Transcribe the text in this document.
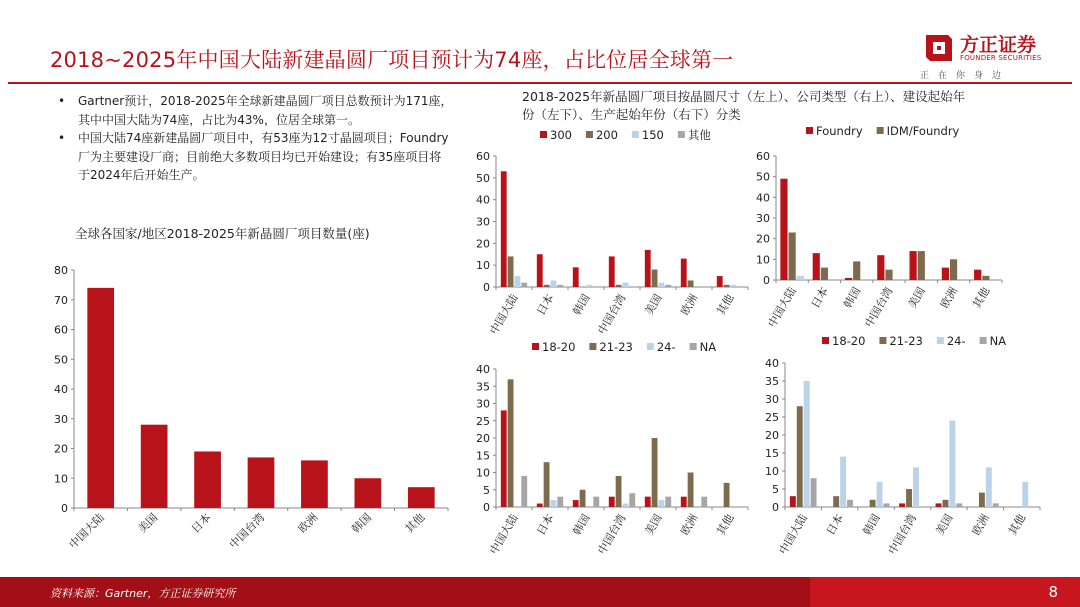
2018~2025年中国大陆新建晶圆厂项目预计为74座，占比位居全球第一
方正证券
FOUNDER SECURITIES
正在你身边
• Gartner预计，2018-2025年全球新建晶圆厂项目总数预计为171座，其中中国大陆为74座，占比为43%，位居全球第一。
• 中国大陆74座新建晶圆厂项目中，有53座为12寸晶圆项目；Foundry厂为主要建设厂商；目前绝大多数项目均已开始建设；有35座项目将于2024年后开始生产。
全球各国家/地区2018-2025年新晶圆厂项目数量(座)
2018-2025年新晶圆厂项目按晶圆尺寸（左上）、公司类型（右上）、建设起始年份（左下）、生产起始年份（右下）分类
0
10
20
30
40
50
60
70
80
中国大陆	美国	日本 中国台湾	欧洲	韩国	其他
0
10
20
30
40
50
60
中国大陆 日本 韩国 中国台湾 美国 欧洲 其他
300 200 150 其他
0
10
20
30
40
50
60
中国大陆 日本 韩国 中国台湾 美国 欧洲 其他
Foundry IDM/Foundry
0
5
10
15
20
25
30
35
40
中国大陆 日本 韩国 中国台湾 美国 欧洲 其他
18-20 21-23 24- NA
0
5
10
15
20
25
30
35
40
中国大陆 日本 韩国 中国台湾 美国 欧洲 其他
18-20 21-23 24- NA
资料来源：Gartner，方正证券研究所	8
